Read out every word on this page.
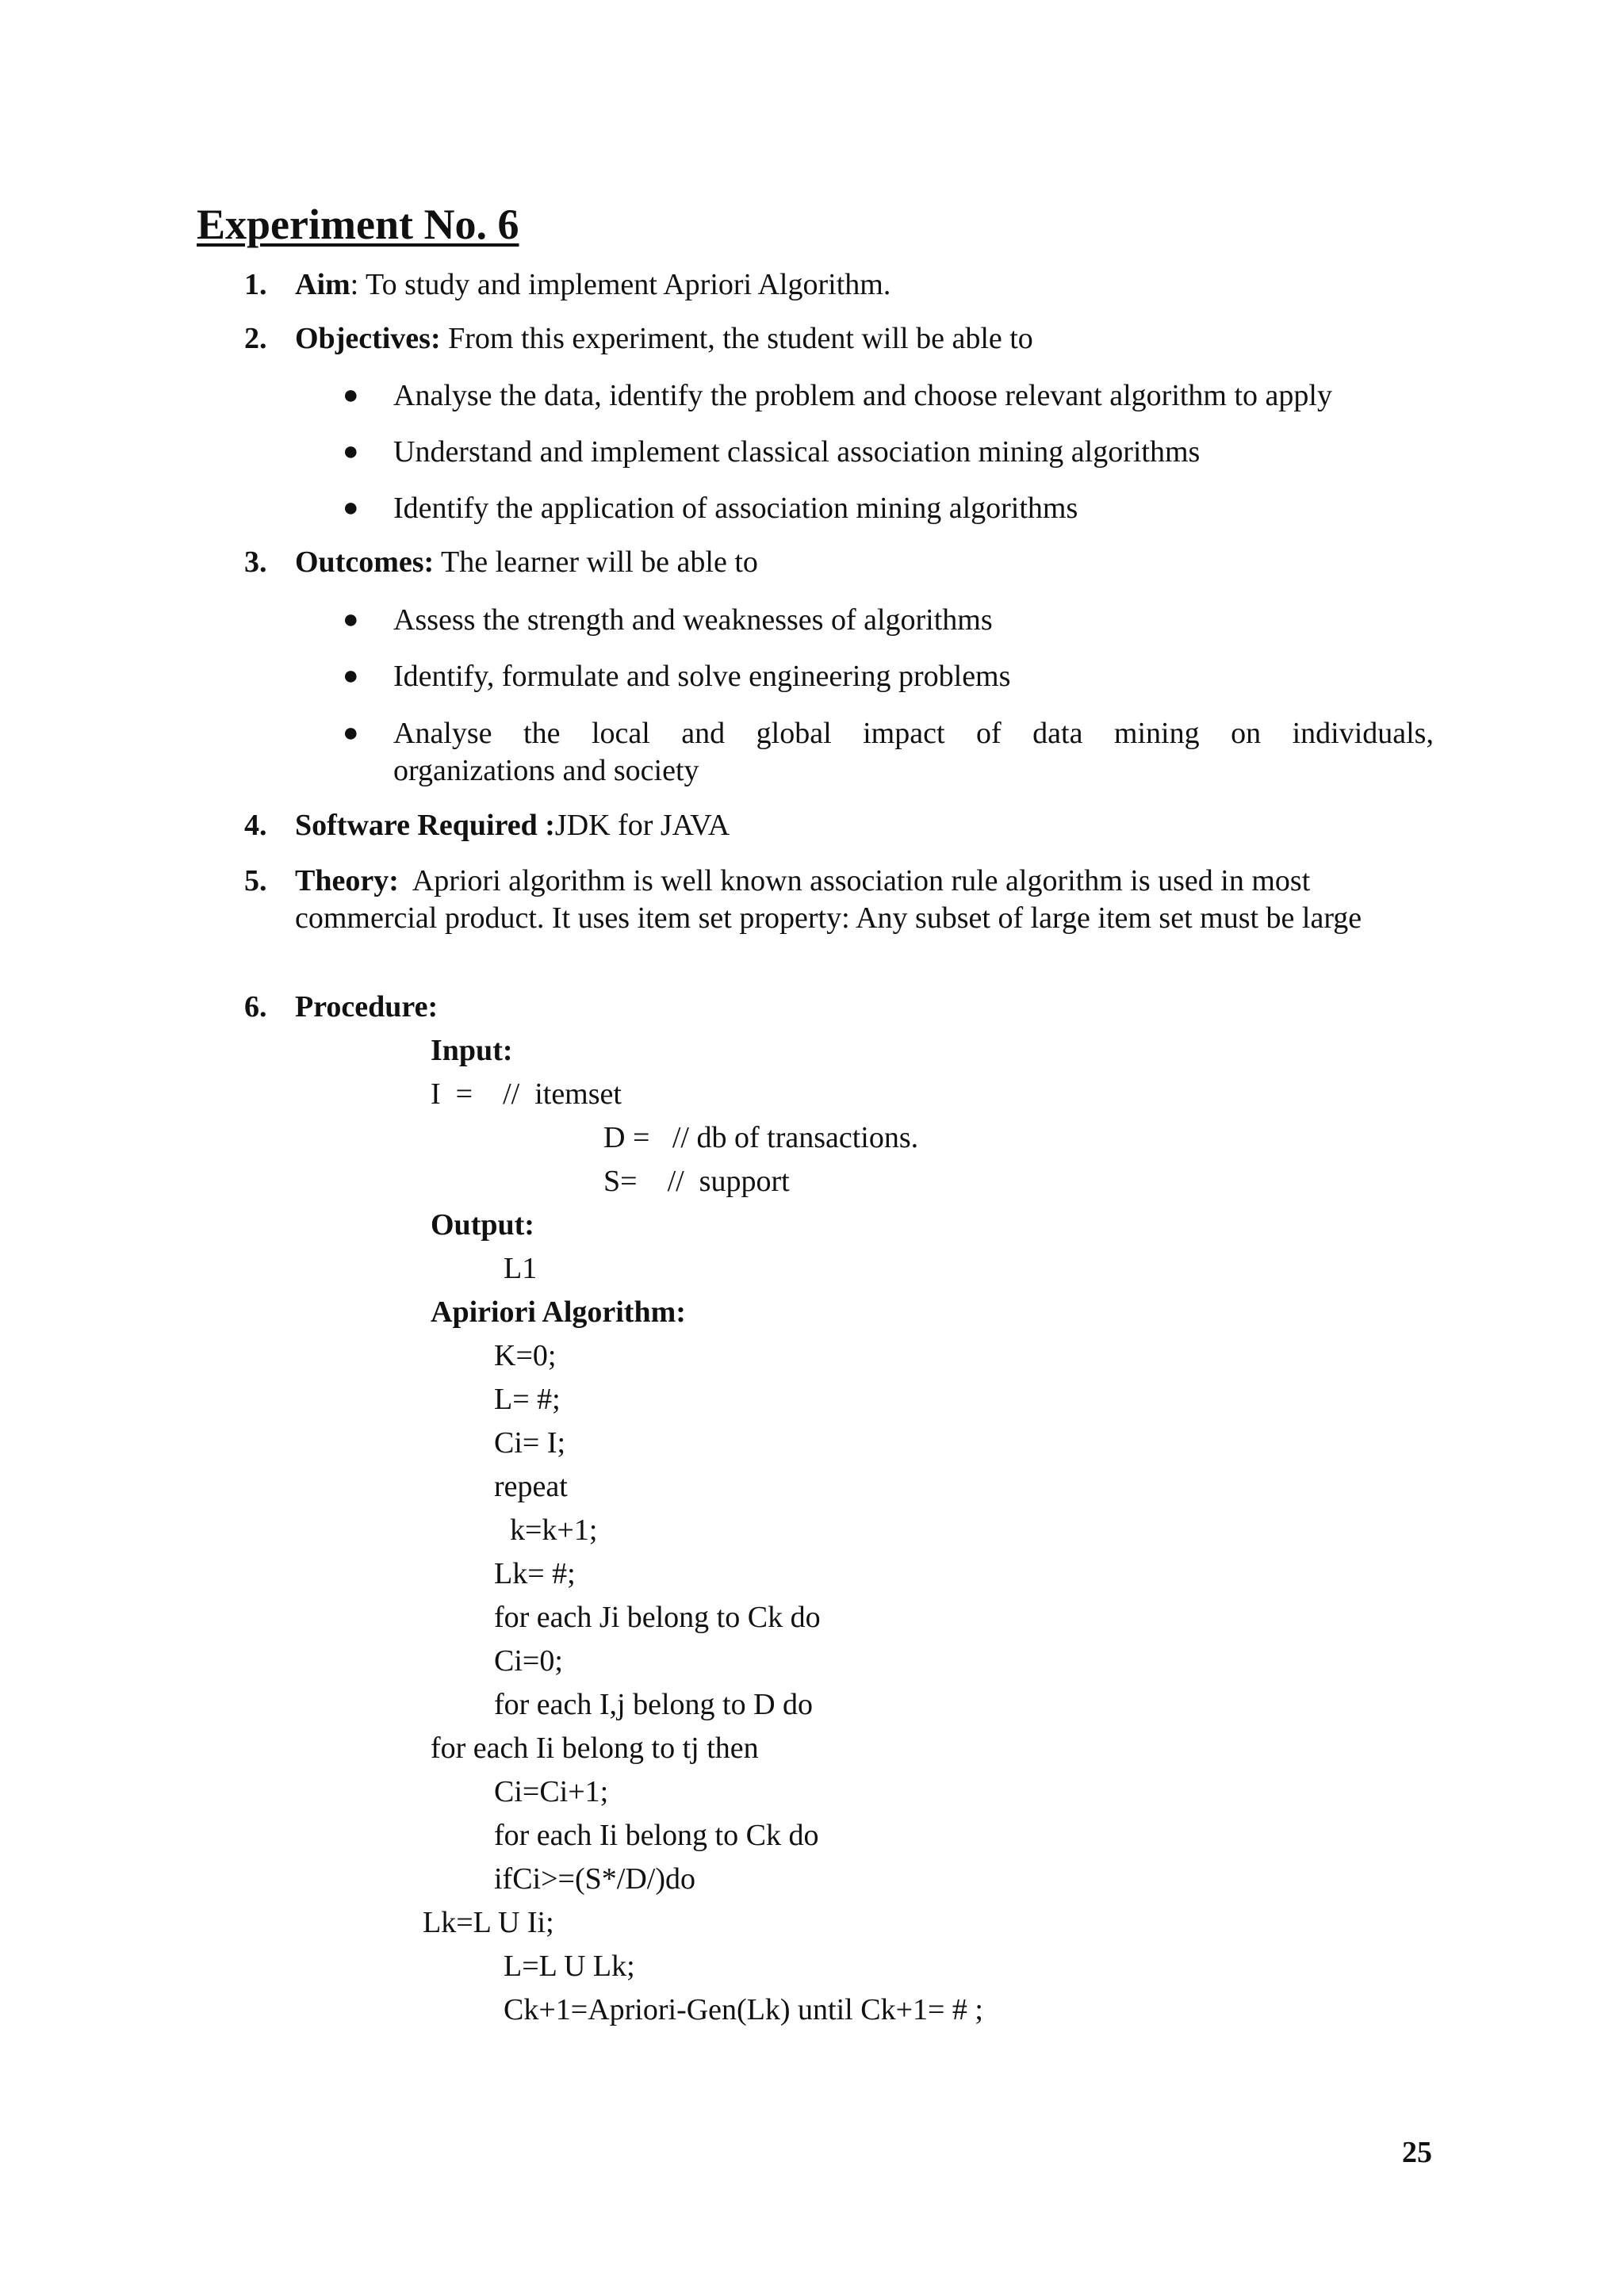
Experiment No. 6
1. Aim: To study and implement Apriori Algorithm.
2. Objectives: From this experiment, the student will be able to
● Analyse the data, identify the problem and choose relevant algorithm to apply
● Understand and implement classical association mining algorithms
● Identify the application of association mining algorithms
3. Outcomes: The learner will be able to
● Assess the strength and weaknesses of algorithms
● Identify, formulate and solve engineering problems
● Analyse the local and global impact of data mining on individuals,
organizations and society
4. Software Required :JDK for JAVA
5. Theory:  Apriori algorithm is well known association rule algorithm is used in most commercial product. It uses item set property: Any subset of large item set must be large
6. Procedure:
Input:
I  =    //  itemset
D =   // db of transactions.
S=    //  support
Output:
L1
Apiriori Algorithm:
K=0;
L= #;
Ci= I;
repeat
k=k+1;
Lk= #;
for each Ji belong to Ck do
Ci=0;
for each I,j belong to D do
for each Ii belong to tj then
Ci=Ci+1;
for each Ii belong to Ck do
ifCi>=(S*/D/)do
Lk=L U Ii;
L=L U Lk;
Ck+1=Apriori-Gen(Lk) until Ck+1= # ;
25
